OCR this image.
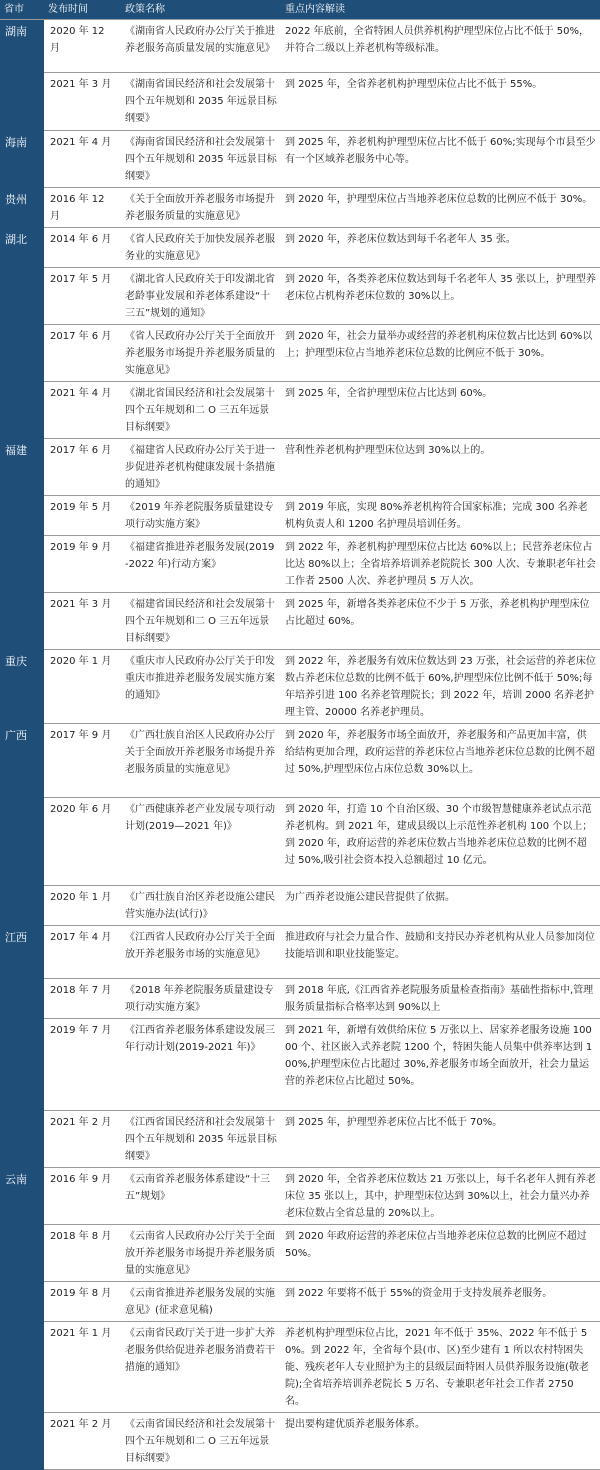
省市	发布时间	政策名称	重点内容解读
湖南	2020 年 12 月	《湖南省人民政府办公厅关于推进养老服务高质量发展的实施意见》	2022 年底前，全省特困人员供养机构护理型床位占比不低于 50%，并符合二级以上养老机构等级标准。
	2021 年 3 月	《湖南省国民经济和社会发展第十四个五年规划和 2035 年远景目标纲要》	到 2025 年，全省养老机构护理型床位占比不低于 55%。
海南	2021 年 4 月	《海南省国民经济和社会发展第十四个五年规划和 2035 年远景目标纲要》	到 2025 年，养老机构护理型床位占比不低于 60%;实现每个市县至少有一个区域养老服务中心等。
贵州	2016 年 12 月	《关于全面放开养老服务市场提升养老服务质量的实施意见》	到 2020 年，护理型床位占当地养老床位总数的比例应不低于 30%。
湖北	2014 年 6 月	《省人民政府关于加快发展养老服务业的实施意见》	到 2020 年，养老床位数达到每千名老年人 35 张。
	2017 年 5 月	《湖北省人民政府关于印发湖北省老龄事业发展和养老体系建设“十三五”规划的通知》	到 2020 年，各类养老床位数达到每千名老年人 35 张以上，护理型养老床位占机构养老床位数的 30%以上。
	2017 年 6 月	《省人民政府办公厅关于全面放开养老服务市场提升养老服务质量的实施意见》	到 2020 年，社会力量举办或经营的养老机构床位数占比达到 60%以上；护理型床位占当地养老床位总数的比例应不低于 30%。
	2021 年 4 月	《湖北省国民经济和社会发展第十四个五年规划和二 O 三五年远景目标纲要》	到 2025 年，全省护理型床位占比达到 60%。
福建	2017 年 6 月	《福建省人民政府办公厅关于进一步促进养老机构健康发展十条措施的通知》	营利性养老机构护理型床位达到 30%以上的。
	2019 年 5 月	《2019 年养老院服务质量建设专项行动实施方案》	到 2019 年底，实现 80%养老机构符合国家标准；完成 300 名养老机构负责人和 1200 名护理员培训任务。
	2019 年 9 月	《福建省推进养老服务发展(2019-2022 年)行动方案》	到 2022 年，养老机构护理型床位占比达 60%以上；民营养老床位占比达 80%以上；全省培养培训养老院院长 300 人次、专兼职老年社会工作者 2500 人次、养老护理员 5 万人次。
	2021 年 3 月	《福建省国民经济和社会发展第十四个五年规划和二 O 三五年远景目标纲要》	到 2025 年，新增各类养老床位不少于 5 万张，养老机构护理型床位占比超过 60%。
重庆	2020 年 1 月	《重庆市人民政府办公厅关于印发重庆市推进养老服务发展实施方案的通知》	到 2022 年，养老服务有效床位数达到 23 万张，社会运营的养老床位数占养老床位总数的比例不低于 60%,护理型床位比例不低于 50%;每年培养引进 100 名养老管理院长；到 2022 年，培训 2000 名养老护理主管、20000 名养老护理员。
广西	2017 年 9 月	《广西壮族自治区人民政府办公厅关于全面放开养老服务市场提升养老服务质量的实施意见》	到 2020 年，养老服务市场全面放开，养老服务和产品更加丰富，供给结构更加合理，政府运营的养老床位占当地养老床位总数的比例不超过 50%,护理型床位占床位总数 30%以上。
	2020 年 6 月	《广西健康养老产业发展专项行动计划(2019—2021 年)》	到 2020 年，打造 10 个自治区级、30 个市级智慧健康养老试点示范养老机构。到 2021 年，建成县级以上示范性养老机构 100 个以上；到 2020 年，政府运营的养老床位数占当地养老床位总数的比例不超过 50%,吸引社会资本投入总额超过 10 亿元。
	2020 年 1 月	《广西壮族自治区养老设施公建民营实施办法(试行)》	为广西养老设施公建民营提供了依据。
江西	2017 年 4 月	《江西省人民政府办公厅关于全面放开养老服务市场的实施意见》	推进政府与社会力量合作、鼓励和支持民办养老机构从业人员参加岗位技能培训和职业技能鉴定。
	2018 年 7 月	《2018 年养老院服务质量建设专项行动实施方案》	到 2018 年底,《江西省养老院服务质量检查指南》基础性指标中,管理服务质量指标合格率达到 90%以上
	2019 年 7 月	《江西省养老服务体系建设发展三年行动计划(2019-2021 年)》	到 2021 年，新增有效供给床位 5 万张以上、居家养老服务设施 10000 个、社区嵌入式养老院 1200 个，特困失能人员集中供养率达到 100%,护理型床位占比超过 30%,养老服务市场全面放开，社会力量运营的养老床位占比超过 50%。
	2021 年 2 月	《江西省国民经济和社会发展第十四个五年规划和 2035 年远景目标纲要》	到 2025 年，护理型养老床位占比不低于 70%。
云南	2016 年 9 月	《云南省养老服务体系建设“十三五”规划》	到 2020 年，全省养老床位数达 21 万张以上，每千名老年人拥有养老床位 35 张以上，其中，护理型床位达到 30%以上，社会力量兴办养老床位数占全省总量的 20%以上。
	2018 年 8 月	《云南省人民政府办公厅关于全面放开养老服务市场提升养老服务质量的实施意见》	到 2020 年政府运营的养老床位占当地养老床位总数的比例应不超过 50%。
	2019 年 8 月	《云南省推进养老服务发展的实施意见》(征求意见稿)	到 2022 年要将不低于 55%的资金用于支持发展养老服务。
	2021 年 1 月	《云南省民政厅关于进一步扩大养老服务供给促进养老服务消费若干措施的通知》	养老机构护理型床位占比，2021 年不低于 35%、2022 年不低于 50%。到 2022 年，全省每个县(市、区)至少建有 1 所以农村特困失能、残疾老年人专业照护为主的县级层面特困人员供养服务设施(敬老院);全省培养培训养老院长 5 万名、专兼职老年社会工作者 2750 名。
	2021 年 2 月	《云南省国民经济和社会发展第十四个五年规划和二 O 三五年远景目标纲要》	提出要构建优质养老服务体系。
